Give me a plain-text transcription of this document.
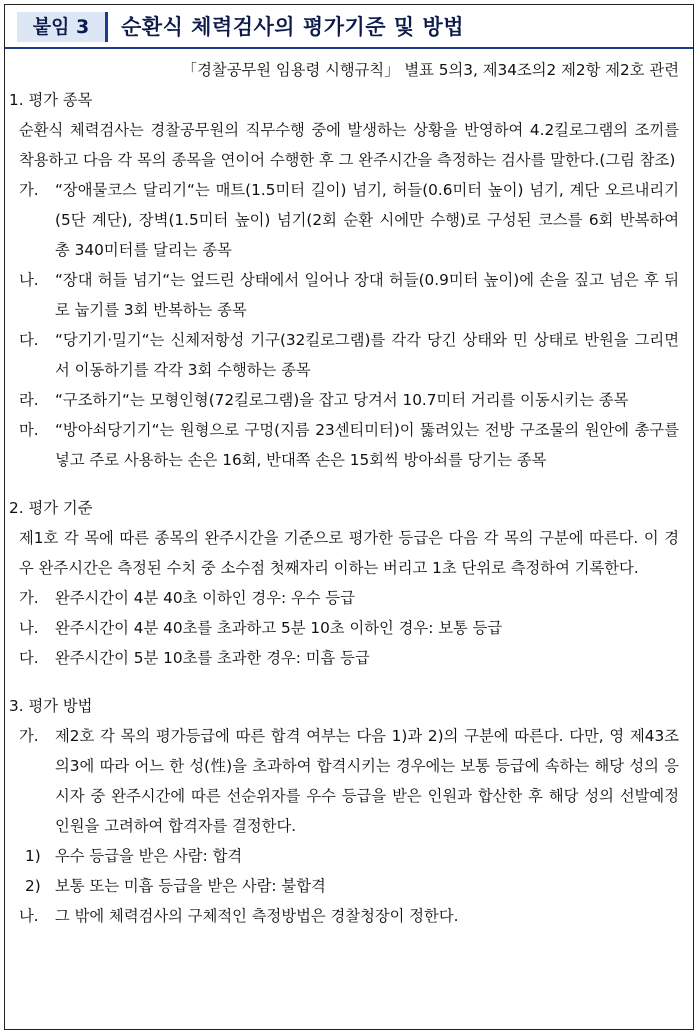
붙임 3	순환식 체력검사의 평가기준 및 방법
「경찰공무원 임용령 시행규칙」 별표 5의3, 제34조의2 제2항 제2호 관련
1. 평가 종목
순환식 체력검사는 경찰공무원의 직무수행 중에 발생하는 상황을 반영하여 4.2킬로그램의 조끼를 착용하고 다음 각 목의 종목을 연이어 수행한 후 그 완주시간을 측정하는 검사를 말한다.(그림 참조)
가.	“장애물코스 달리기“는 매트(1.5미터 길이) 넘기, 허들(0.6미터 높이) 넘기, 계단 오르내리기(5단 계단), 장벽(1.5미터 높이) 넘기(2회 순환 시에만 수행)로 구성된 코스를 6회 반복하여 총 340미터를 달리는 종목
나.	“장대 허들 넘기“는 엎드린 상태에서 일어나 장대 허들(0.9미터 높이)에 손을 짚고 넘은 후 뒤로 눕기를 3회 반복하는 종목
다.	“당기기·밀기“는 신체저항성 기구(32킬로그램)를 각각 당긴 상태와 민 상태로 반원을 그리면서 이동하기를 각각 3회 수행하는 종목
라.	“구조하기“는 모형인형(72킬로그램)을 잡고 당겨서 10.7미터 거리를 이동시키는 종목
마.	“방아쇠당기기“는 원형으로 구멍(지름 23센티미터)이 뚫려있는 전방 구조물의 원안에 총구를 넣고 주로 사용하는 손은 16회, 반대쪽 손은 15회씩 방아쇠를 당기는 종목
2. 평가 기준
제1호 각 목에 따른 종목의 완주시간을 기준으로 평가한 등급은 다음 각 목의 구분에 따른다. 이 경우 완주시간은 측정된 수치 중 소수점 첫째자리 이하는 버리고 1초 단위로 측정하여 기록한다.
가.	완주시간이 4분 40초 이하인 경우: 우수 등급
나.	완주시간이 4분 40초를 초과하고 5분 10초 이하인 경우: 보통 등급
다.	완주시간이 5분 10초를 초과한 경우: 미흡 등급
3. 평가 방법
가.	제2호 각 목의 평가등급에 따른 합격 여부는 다음 1)과 2)의 구분에 따른다. 다만, 영 제43조의3에 따라 어느 한 성(性)을 초과하여 합격시키는 경우에는 보통 등급에 속하는 해당 성의 응시자 중 완주시간에 따른 선순위자를 우수 등급을 받은 인원과 합산한 후 해당 성의 선발예정 인원을 고려하여 합격자를 결정한다.
1) 우수 등급을 받은 사람: 합격
2) 보통 또는 미흡 등급을 받은 사람: 불합격
나.	그 밖에 체력검사의 구체적인 측정방법은 경찰청장이 정한다.
